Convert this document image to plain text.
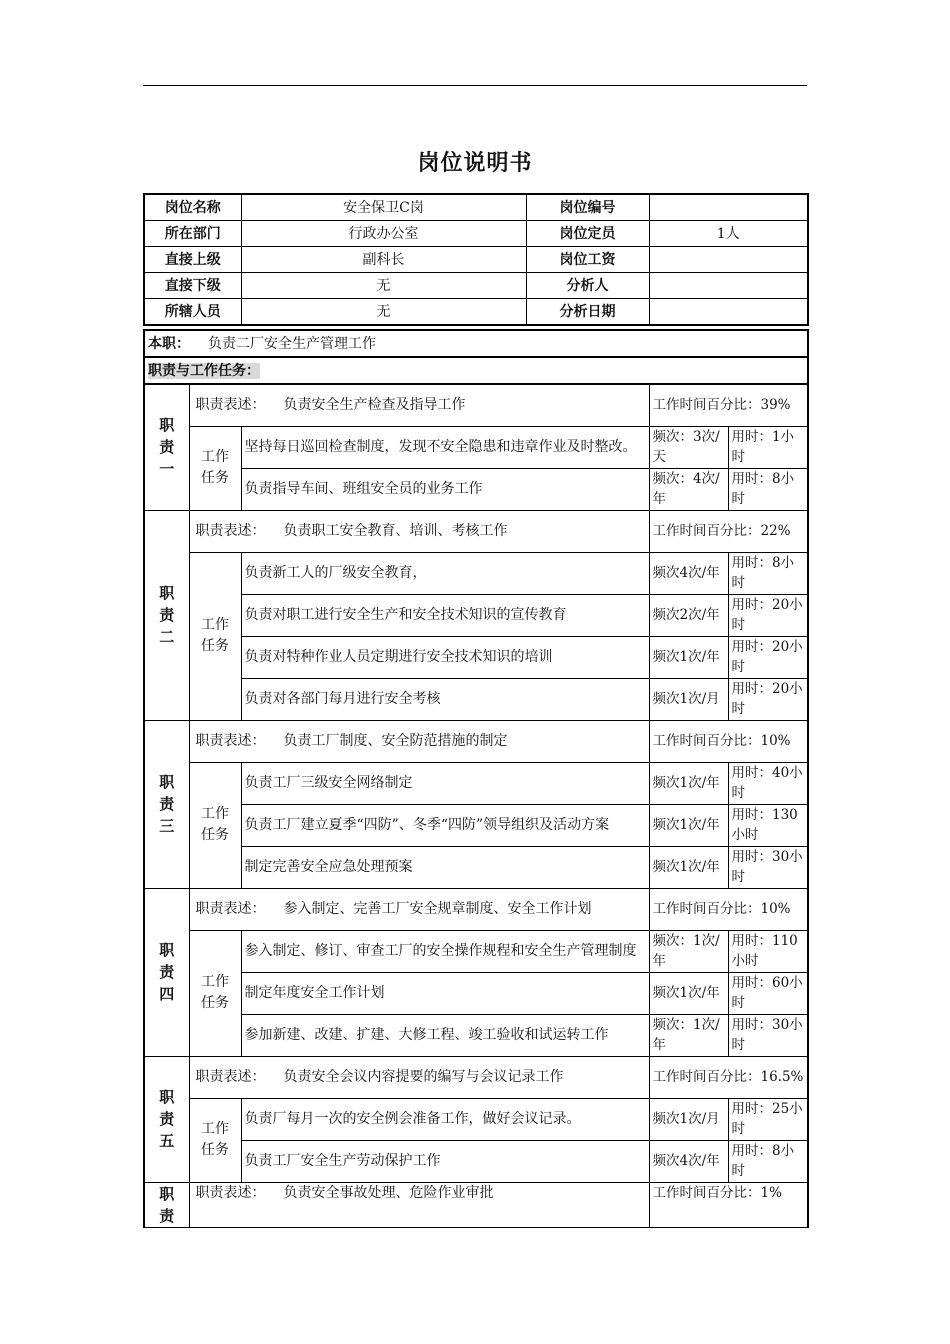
岗位说明书
岗位名称	安全保卫C岗	岗位编号	
所在部门	行政办公室	岗位定员	1人
直接上级	副科长	岗位工资	
直接下级	无	分析人	
所辖人员	无	分析日期	
本职： 负责二厂安全生产管理工作				
职责与工作任务：				

职
责
一	职责表述： 负责安全生产检查及指导工作		工作时间百分比：39%	

	工作
任务	坚持每日巡回检查制度，发现不安全隐患和违章作业及时整改。	频次：3次/天	用时：1小时
		负责指导车间、班组安全员的业务工作	频次：4次/年	用时：8小时

职
责
二	职责表述： 负责职工安全教育、培训、考核工作		工作时间百分比：22%	

	工作
任务	负责新工人的厂级安全教育，	频次4次/年	用时：8小时
		负责对职工进行安全生产和安全技术知识的宣传教育	频次2次/年	用时：20小时
		负责对特种作业人员定期进行安全技术知识的培训	频次1次/年	用时：20小时
		负责对各部门每月进行安全考核	频次1次/月	用时：20小时

职
责
三	职责表述： 负责工厂制度、安全防范措施的制定		工作时间百分比：10%	

	工作
任务	负责工厂三级安全网络制定	频次1次/年	用时：40小时
		负责工厂建立夏季“四防”、冬季“四防”领导组织及活动方案	频次1次/年	用时：130小时
		制定完善安全应急处理预案	频次1次/年	用时：30小时

职
责
四	职责表述： 参入制定、完善工厂安全规章制度、安全工作计划		工作时间百分比：10%	

	工作
任务	参入制定、修订、审查工厂的安全操作规程和安全生产管理制度	频次：1次/年	用时：110小时
		制定年度安全工作计划	频次1次/年	用时：60小时
		参加新建、改建、扩建、大修工程、竣工验收和试运转工作	频次：1次/年	用时：30小时

职
责
五	职责表述： 负责安全会议内容提要的编写与会议记录工作		工作时间百分比：16.5%	

	工作
任务	负责厂每月一次的安全例会准备工作，做好会议记录。	频次1次/月	用时：25小时
		负责工厂安全生产劳动保护工作	频次4次/年	用时：8小时

职
责	职责表述： 负责安全事故处理、危险作业审批		工作时间百分比：1%	
